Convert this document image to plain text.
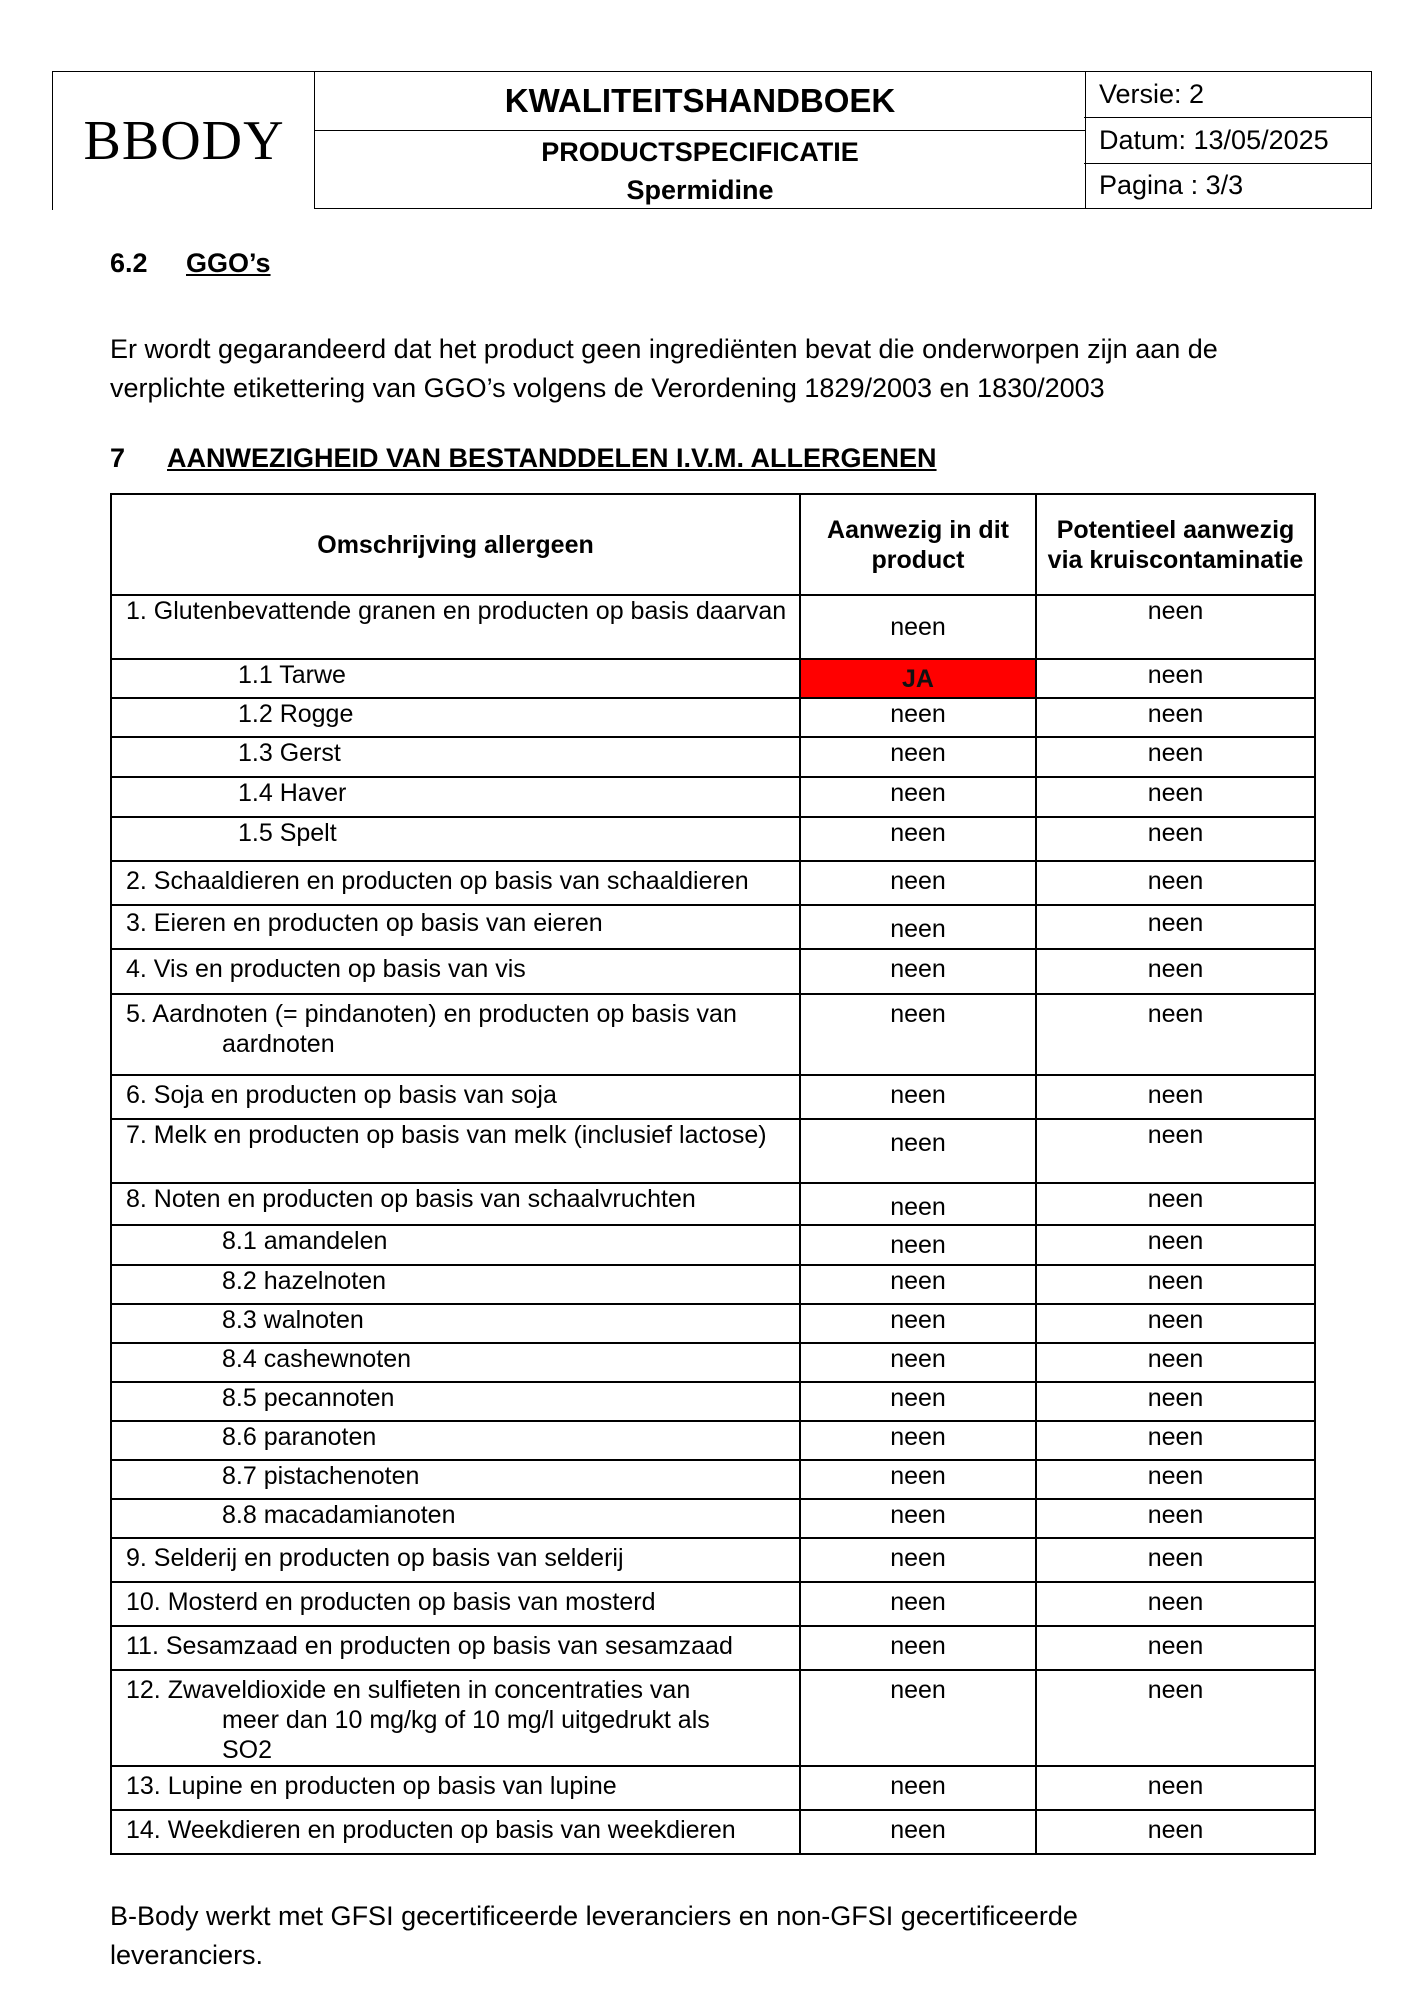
BBODY
KWALITEITSHANDBOEK
PRODUCTSPECIFICATIE
Spermidine
Versie: 2
Datum: 13/05/2025
Pagina : 3/3
6.2 GGO’s
Er wordt gegarandeerd dat het product geen ingrediënten bevat die onderworpen zijn aan de verplichte etikettering van GGO’s volgens de Verordening 1829/2003 en 1830/2003
7 AANWEZIGHEID VAN BESTANDDELEN I.V.M. ALLERGENEN
Omschrijving allergeen	Aanwezig in dit product	Potentieel aanwezig via kruiscontaminatie
1. Glutenbevattende granen en producten op basis daarvan	neen	neen
1.1 Tarwe	JA	neen
1.2 Rogge	neen	neen
1.3 Gerst	neen	neen
1.4 Haver	neen	neen
1.5 Spelt	neen	neen
2. Schaaldieren en producten op basis van schaaldieren	neen	neen
3. Eieren en producten op basis van eieren	neen	neen
4. Vis en producten op basis van vis	neen	neen
5. Aardnoten (= pindanoten) en producten op basis van
aardnoten	neen	neen
6. Soja en producten op basis van soja	neen	neen
7. Melk en producten op basis van melk (inclusief lactose)	neen	neen
8. Noten en producten op basis van schaalvruchten	neen	neen
8.1 amandelen	neen	neen
8.2 hazelnoten	neen	neen
8.3 walnoten	neen	neen
8.4 cashewnoten	neen	neen
8.5 pecannoten	neen	neen
8.6 paranoten	neen	neen
8.7 pistachenoten	neen	neen
8.8 macadamianoten	neen	neen
9. Selderij en producten op basis van selderij	neen	neen
10. Mosterd en producten op basis van mosterd	neen	neen
11. Sesamzaad en producten op basis van sesamzaad	neen	neen
12. Zwaveldioxide en sulfieten in concentraties van
meer dan 10 mg/kg of 10 mg/l uitgedrukt als SO2	neen	neen
13. Lupine en producten op basis van lupine	neen	neen
14. Weekdieren en producten op basis van weekdieren	neen	neen
B-Body werkt met GFSI gecertificeerde leveranciers en non-GFSI gecertificeerde leveranciers.
